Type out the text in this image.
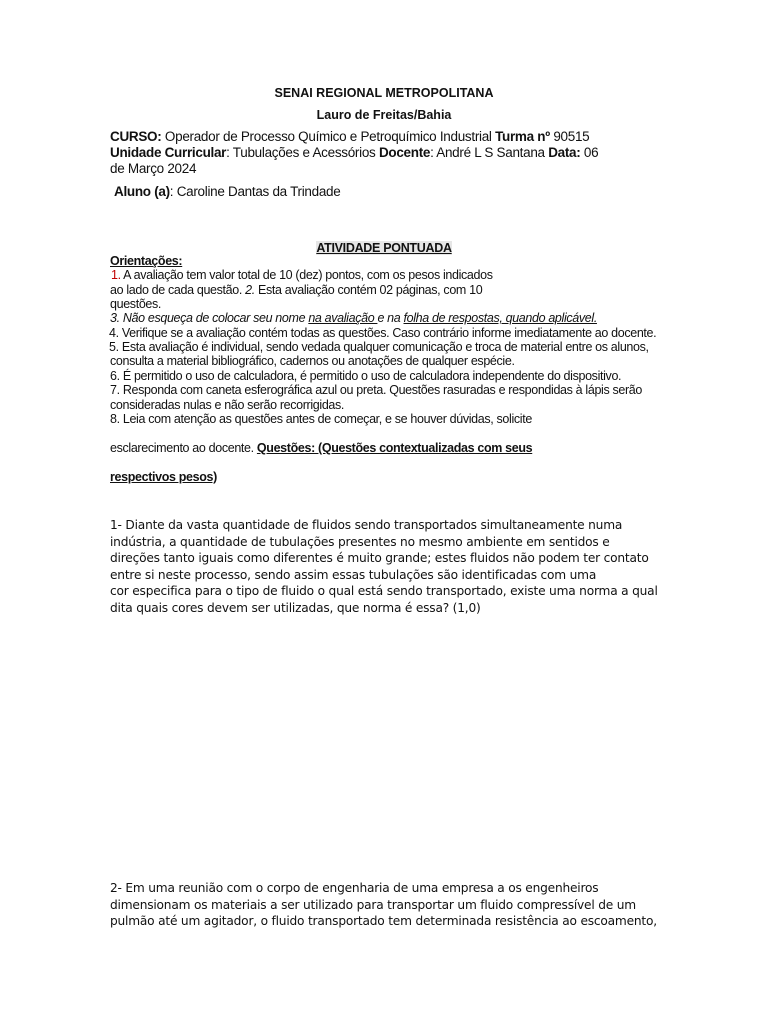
SENAI REGIONAL METROPOLITANA
Lauro de Freitas/Bahia
CURSO: Operador de Processo Químico e Petroquímico Industrial Turma nº 90515
Unidade Curricular: Tubulações e Acessórios Docente: André L S Santana Data: 06
de Março 2024
Aluno (a): Caroline Dantas da Trindade
ATIVIDADE PONTUADA
Orientações:
1. A avaliação tem valor total de 10 (dez) pontos, com os pesos indicados
ao lado de cada questão. 2. Esta avaliação contém 02 páginas, com 10
questões.
3. Não esqueça de colocar seu nome na avaliação e na folha de respostas, quando aplicável.
4. Verifique se a avaliação contém todas as questões. Caso contrário informe imediatamente ao docente.
5. Esta avaliação é individual, sendo vedada qualquer comunicação e troca de material entre os alunos,
consulta a material bibliográfico, cadernos ou anotações de qualquer espécie.
6. É permitido o uso de calculadora, é permitido o uso de calculadora independente do dispositivo.
7. Responda com caneta esferográfica azul ou preta. Questões rasuradas e respondidas à lápis serão
consideradas nulas e não serão recorrigidas.
8. Leia com atenção as questões antes de começar, e se houver dúvidas, solicite
esclarecimento ao docente. Questões: (Questões contextualizadas com seus
respectivos pesos)
1- Diante da vasta quantidade de fluidos sendo transportados simultaneamente numa
indústria, a quantidade de tubulações presentes no mesmo ambiente em sentidos e
direções tanto iguais como diferentes é muito grande; estes fluidos não podem ter contato
entre si neste processo, sendo assim essas tubulações são identificadas com uma
cor especifica para o tipo de fluido o qual está sendo transportado, existe uma norma a qual
dita quais cores devem ser utilizadas, que norma é essa? (1,0)
2- Em uma reunião com o corpo de engenharia de uma empresa a os engenheiros
dimensionam os materiais a ser utilizado para transportar um fluido compressível de um
pulmão até um agitador, o fluido transportado tem determinada resistência ao escoamento,
